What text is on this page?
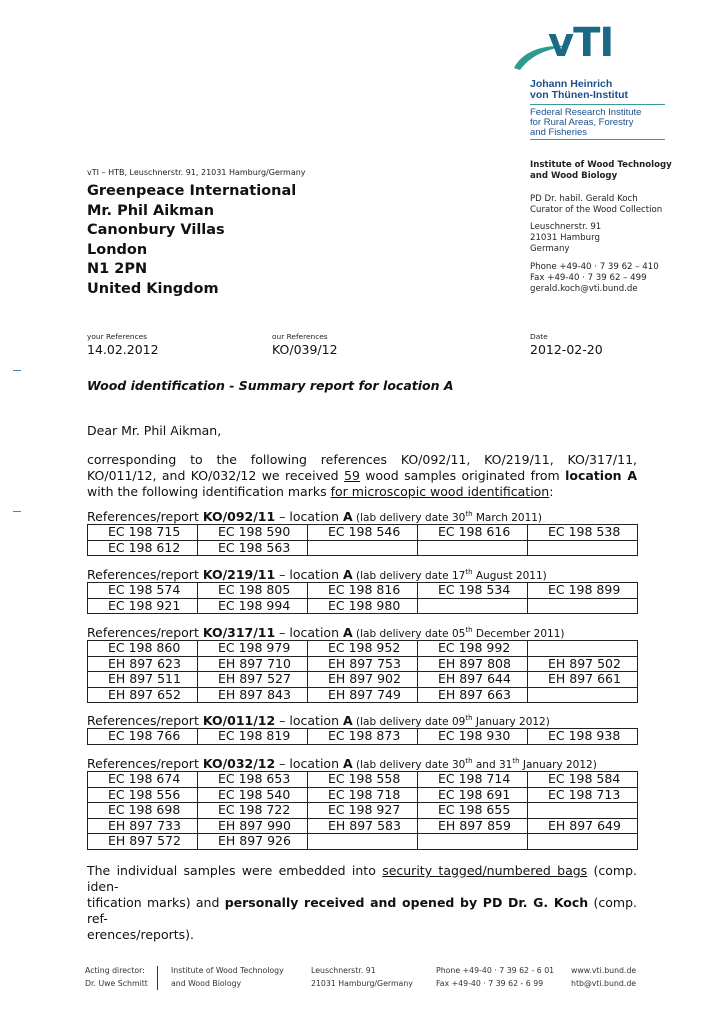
vTI
Johann Heinrich
von Thünen-Institut
Federal Research Institute
for Rural Areas, Forestry
and Fisheries
vTI – HTB, Leuschnerstr. 91, 21031 Hamburg/Germany
Greenpeace International
Mr. Phil Aikman
Canonbury Villas
London
N1 2PN
United Kingdom
Institute of Wood Technology
and Wood Biology
PD Dr. habil. Gerald Koch
Curator of the Wood Collection
Leuschnerstr. 91
21031 Hamburg
Germany
Phone +49-40 · 7 39 62 – 410
Fax +49-40 · 7 39 62 – 499
gerald.koch@vti.bund.de
your References
14.02.2012
our References
KO/039/12
Date
2012-02-20
Wood identification - Summary report for location A
Dear Mr. Phil Aikman,
corresponding to the following references KO/092/11, KO/219/11, KO/317/11,
KO/011/12, and KO/032/12 we received 59 wood samples originated from location A
with the following identification marks for microscopic wood identification:
References/report KO/092/11 – location A (lab delivery date 30th March 2011)
EC 198 715	EC 198 590	EC 198 546	EC 198 616	EC 198 538
EC 198 612	EC 198 563			
References/report KO/219/11 – location A (lab delivery date 17th August 2011)
EC 198 574	EC 198 805	EC 198 816	EC 198 534	EC 198 899
EC 198 921	EC 198 994	EC 198 980		
References/report KO/317/11 – location A (lab delivery date 05th December 2011)
EC 198 860	EC 198 979	EC 198 952	EC 198 992	
EH 897 623	EH 897 710	EH 897 753	EH 897 808	EH 897 502
EH 897 511	EH 897 527	EH 897 902	EH 897 644	EH 897 661
EH 897 652	EH 897 843	EH 897 749	EH 897 663	
References/report KO/011/12 – location A (lab delivery date 09th January 2012)
EC 198 766	EC 198 819	EC 198 873	EC 198 930	EC 198 938
References/report KO/032/12 – location A (lab delivery date 30th and 31th January 2012)
EC 198 674	EC 198 653	EC 198 558	EC 198 714	EC 198 584
EC 198 556	EC 198 540	EC 198 718	EC 198 691	EC 198 713
EC 198 698	EC 198 722	EC 198 927	EC 198 655	
EH 897 733	EH 897 990	EH 897 583	EH 897 859	EH 897 649
EH 897 572	EH 897 926			
The individual samples were embedded into security tagged/numbered bags (comp. iden-
tification marks) and personally received and opened by PD Dr. G. Koch (comp. ref-
erences/reports).
Acting director:
Dr. Uwe Schmitt
Institute of Wood Technology
and Wood Biology
Leuschnerstr. 91
21031 Hamburg/Germany
Phone +49-40 · 7 39 62 - 6 01
Fax +49-40 · 7 39 62 - 6 99
www.vti.bund.de
htb@vti.bund.de
